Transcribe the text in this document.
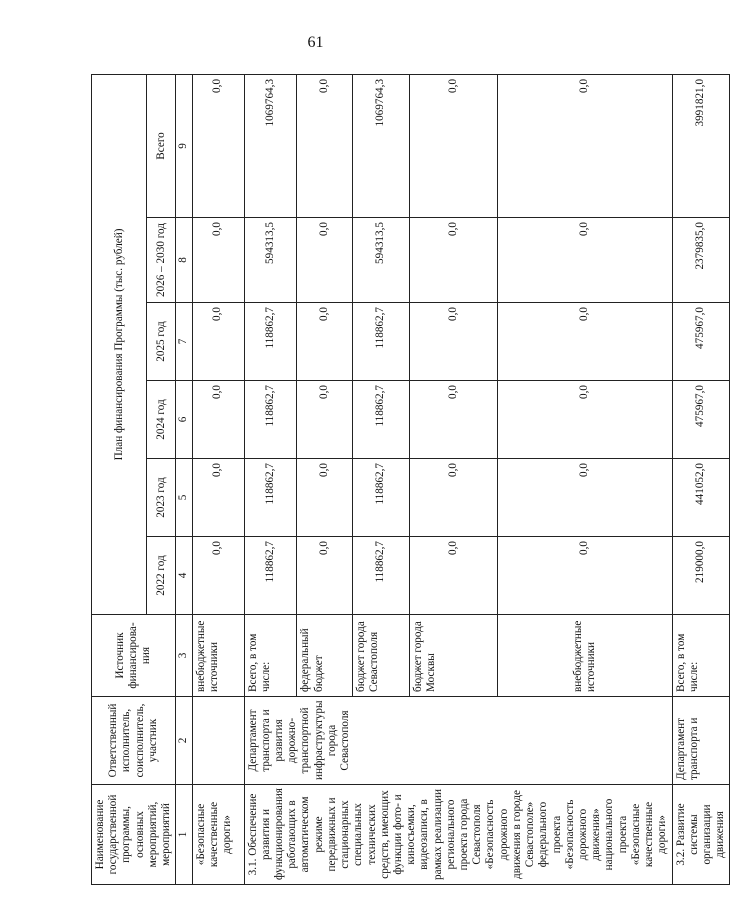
61
Наименование государственной программы, основных мероприятий, мероприятий	Ответственный исполнитель, соисполнитель, участник	Источник финансирова-ния	План финансирования Программы (тыс. рублей)					
			2022 год	2023 год	2024 год	2025 год	2026 – 2030 год	Всего
1	2	3	4	5	6	7	8	9
«Безопасные качественные дороги»		внебюджетные источники	0,0	0,0	0,0	0,0	0,0	0,0
3.1. Обеспечение развития и функционирования работающих в автоматическом режиме передвижных и стационарных специальных технических средств, имеющих функции фото- и киносъемки, видеозаписи, в рамках реализации регионального проекта города Севастополя «Безопасность дорожного движения в городе Севастополе» федерального проекта «Безопасность дорожного движения» национального проекта «Безопасные качественные дороги»	Департамент транспорта и развития дорожно-транспортной инфраструктуры города Севастополя	Всего, в том числе:	118862,7	118862,7	118862,7	118862,7	594313,5	1069764,3
		федеральный бюджет	0,0	0,0	0,0	0,0	0,0	0,0
		бюджет города Севастополя	118862,7	118862,7	118862,7	118862,7	594313,5	1069764,3
		бюджет города Москвы	0,0	0,0	0,0	0,0	0,0	0,0
		внебюджетные источники	0,0	0,0	0,0	0,0	0,0	0,0
3.2. Развитие системы организации движения	Департамент транспорта и	Всего, в том числе:	219000,0	441052,0	475967,0	475967,0	2379835,0	3991821,0
